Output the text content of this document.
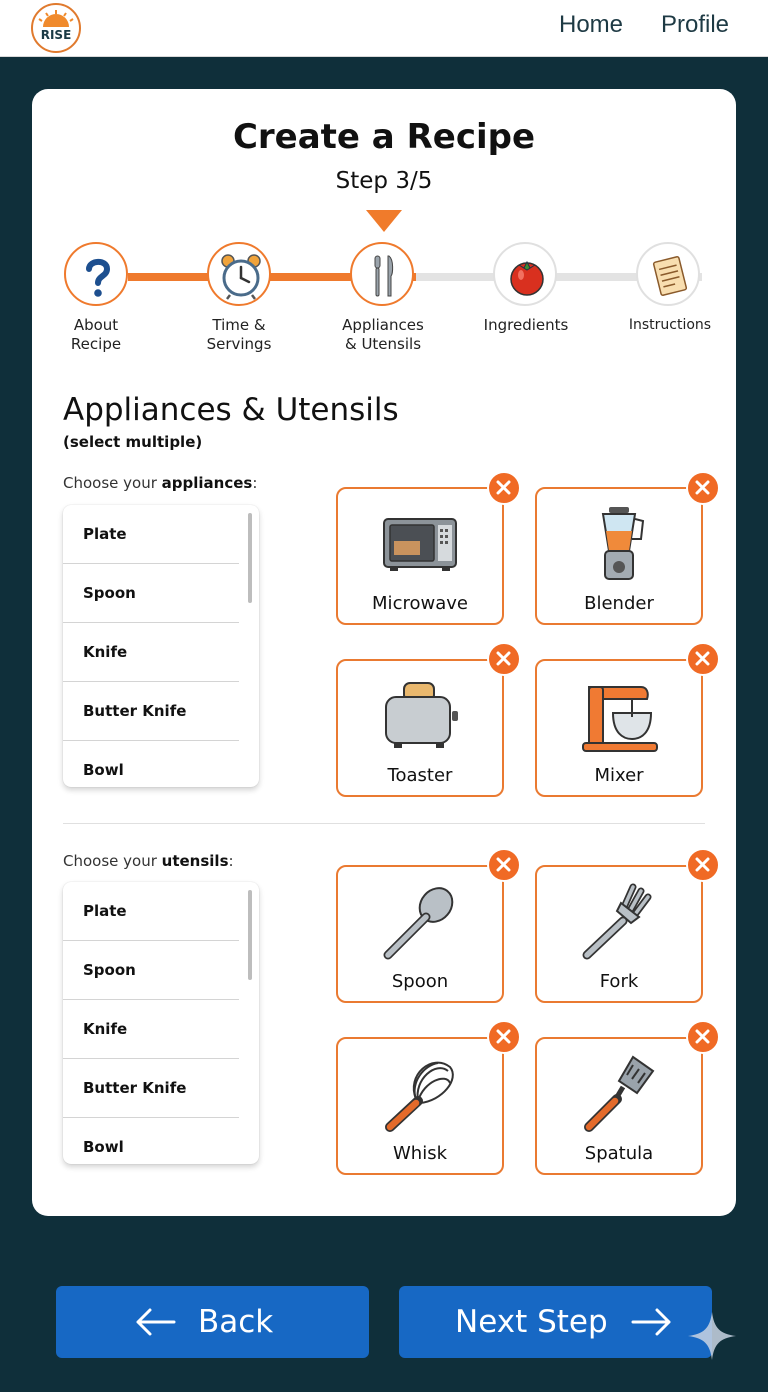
RISE	Home Profile
Create a Recipe
Step 3/5
About
Recipe
Time &
Servings
Appliances
& Utensils
Ingredients	Instructions
Appliances & Utensils
(select multiple)
Choose your appliances:
Plate
Spoon
Knife
Butter Knife
Bowl
Microwave	Blender
Toaster	Mixer
Choose your utensils:
Plate
Spoon
Knife
Butter Knife
Bowl
Spoon	Fork
Whisk	Spatula
Back	Next Step
